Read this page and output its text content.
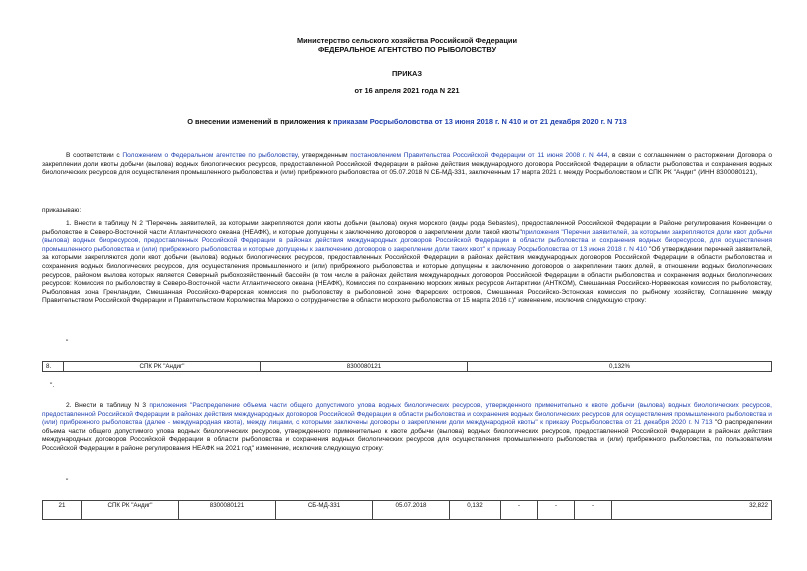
Министерство сельского хозяйства Российской Федерации
ФЕДЕРАЛЬНОЕ АГЕНТСТВО ПО РЫБОЛОВСТВУ
ПРИКАЗ
от 16 апреля 2021 года N 221
О внесении изменений в приложения к приказам Росрыболовства от 13 июня 2018 г. N 410 и от 21 декабря 2020 г. N 713
В соответствии с Положением о Федеральном агентстве по рыболовству, утвержденным постановлением Правительства Российской Федерации от 11 июня 2008 г. N 444, в связи с соглашением о расторжении Договора о закреплении доли квоты добычи (вылова) водных биологических ресурсов, предоставленной Российской Федерации в районе действия международного договора Российской Федерации в области рыболовства и сохранения водных биологических ресурсов для осуществления промышленного рыболовства и (или) прибрежного рыболовства от 05.07.2018 N СБ-МД-331, заключенным 17 марта 2021 г. между Росрыболовством и СПК РК "Андиг" (ИНН 8300080121),
приказываю:
1. Внести в таблицу N 2 "Перечень заявителей, за которыми закрепляются доли квоты добычи (вылова) окуня морского (виды рода Sebastes), предоставленной Российской Федерации в Районе регулирования Конвенции о рыболовстве в Северо-Восточной части Атлантического океана (НЕАФК), и которые допущены к заключению договоров о закреплении доли такой квоты"приложения "Перечни заявителей, за которыми закрепляются доли квот добычи (вылова) водных биоресурсов, предоставленных Российской Федерации в районах действия международных договоров Российской Федерации в области рыболовства и сохранения водных биоресурсов, для осуществления промышленного рыболовства и (или) прибрежного рыболовства и которые допущены к заключению договоров о закреплении доли таких квот" к приказу Росрыболовства от 13 июня 2018 г. N 410 "Об утверждении перечней заявителей, за которыми закрепляются доли квот добычи (вылова) водных биологических ресурсов, предоставленных Российской Федерации в районах действия международных договоров Российской Федерации в области рыболовства и сохранения водных биологических ресурсов, для осуществления промышленного и (или) прибрежного рыболовства и которые допущены к заключению договоров о закреплении таких долей, в отношении водных биологических ресурсов, районом вылова которых является Северный рыбохозяйственный бассейн (в том числе в районах действия международных договоров Российской Федерации в области рыболовства и сохранения водных биологических ресурсов: Комиссия по рыболовству в Северо-Восточной части Атлантического океана (НЕАФК), Комиссия по сохранению морских живых ресурсов Антарктики (АНТКОМ), Смешанная Российско-Норвежская комиссия по рыболовству, Рыболовная зона Гренландии, Смешанная Российско-Фарерская комиссия по рыболовству в рыболовной зоне Фарерских островов, Смешанная Российско-Эстонская комиссия по рыбному хозяйству, Соглашение между Правительством Российской Федерации и Правительством Королевства Марокко о сотрудничестве в области морского рыболовства от 15 марта 2016 г.)" изменение, исключив следующую строку:
"
8.	СПК РК "Андиг"	8300080121	0,132%
".
2. Внести в таблицу N 3 приложения "Распределение объема части общего допустимого улова водных биологических ресурсов, утвержденного применительно к квоте добычи (вылова) водных биологических ресурсов, предоставленной Российской Федерации в районах действия международных договоров Российской Федерации в области рыболовства и сохранения водных биологических ресурсов для осуществления промышленного рыболовства и (или) прибрежного рыболовства (далее - международная квота), между лицами, с которыми заключены договоры о закреплении доли международной квоты" к приказу Росрыболовства от 21 декабря 2020 г. N 713 "О распределении объема части общего допустимого улова водных биологических ресурсов, утвержденного применительно к квоте добычи (вылова) водных биологических ресурсов, предоставленной Российской Федерации в районах действия международных договоров Российской Федерации в области рыболовства и сохранения водных биологических ресурсов для осуществления промышленного рыболовства и (или) прибрежного рыболовства, по пользователям Российской Федерации в районе регулирования НЕАФК на 2021 год" изменение, исключив следующую строку:
"
21	СПК РК "Андиг"	8300080121	СБ-МД-331	05.07.2018	0,132	-	-	-	32,822
